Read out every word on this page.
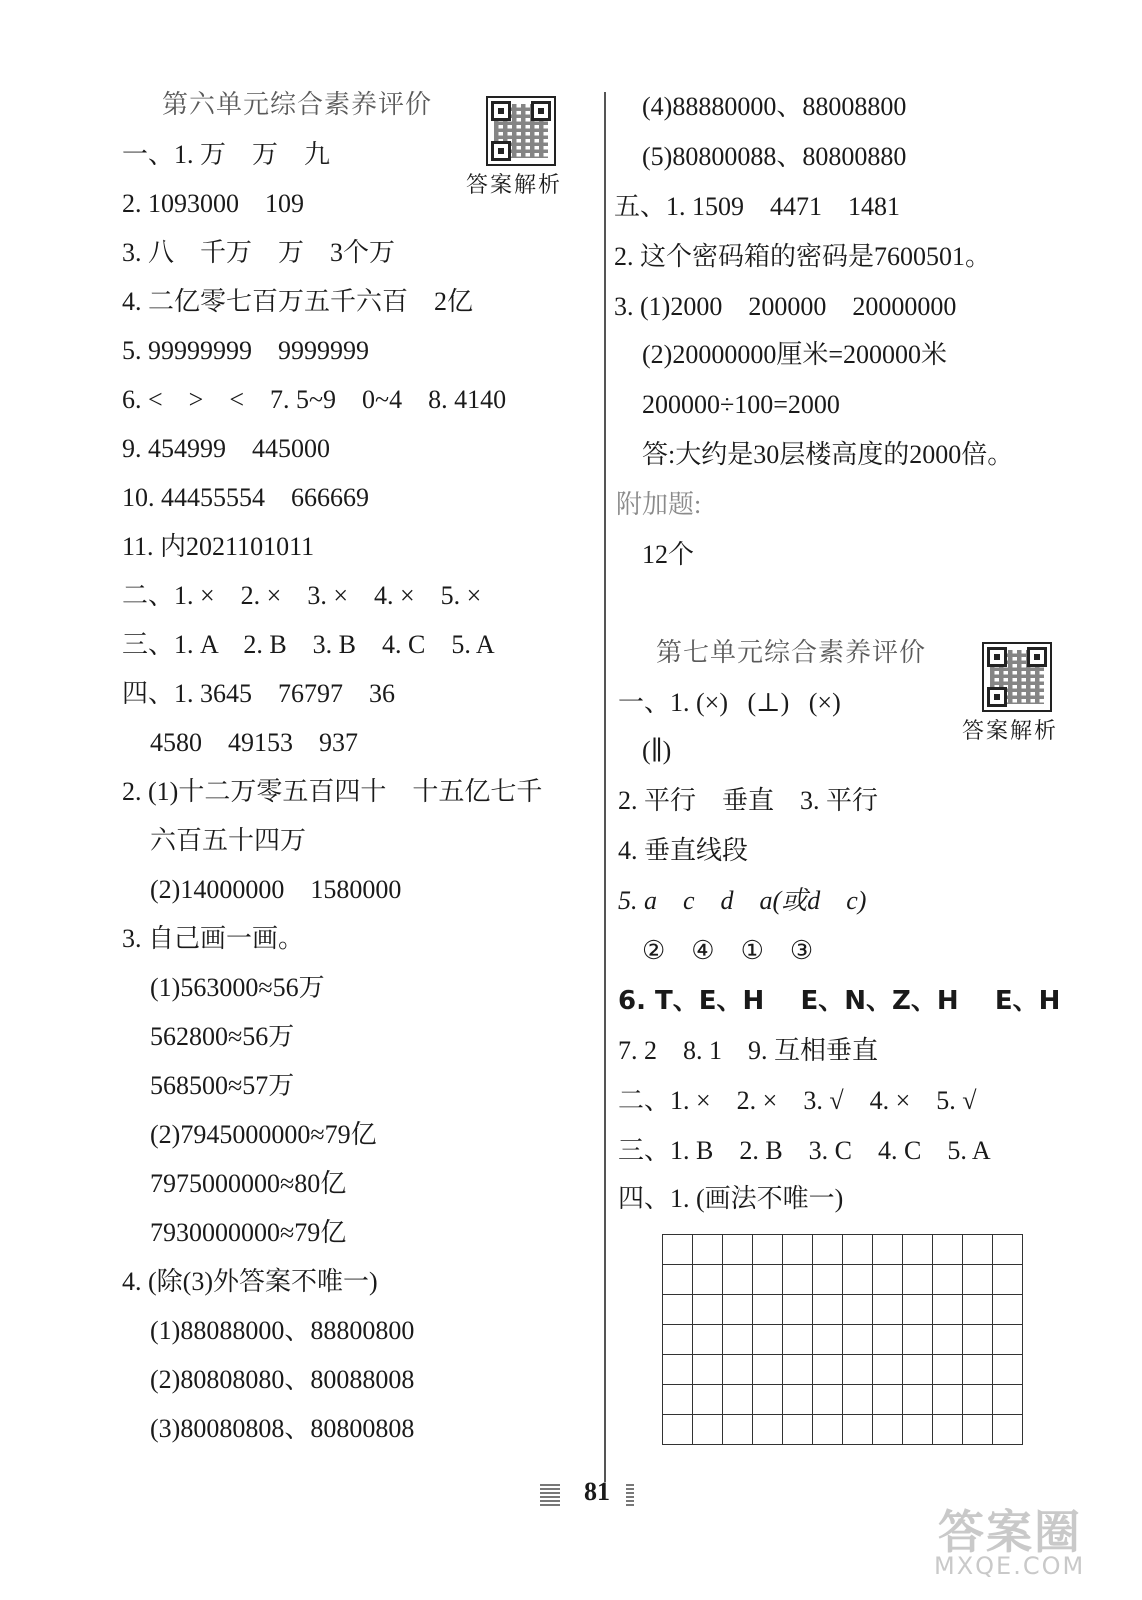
第六单元综合素养评价
答案解析
一、1. 万    万    九
2. 1093000    109
3. 八    千万    万    3个万
4. 二亿零七百万五千六百    2亿
5. 99999999    9999999
6. <    >    <    7. 5~9    0~4    8. 4140
9. 454999    445000
10. 44455554    666669
11. 内2021101011
二、1. ×    2. ×    3. ×    4. ×    5. ×
三、1. A    2. B    3. B    4. C    5. A
四、1. 3645    76797    36
4580    49153    937
2. (1)十二万零五百四十    十五亿七千
六百五十四万
(2)14000000    1580000
3. 自己画一画。
(1)563000≈56万
562800≈56万
568500≈57万
(2)7945000000≈79亿
7975000000≈80亿
7930000000≈79亿
4. (除(3)外答案不唯一)
(1)88088000、88800800
(2)80808080、80088008
(3)80080808、80800808
(4)88880000、88008800
(5)80800088、80800880
五、1. 1509    4471    1481
2. 这个密码箱的密码是7600501。
3. (1)2000    200000    20000000
(2)20000000厘米=200000米
200000÷100=2000
答:大约是30层楼高度的2000倍。
附加题:
12个
第七单元综合素养评价
答案解析
一、1. (×)   (⊥)   (×)
(∥)
2. 平行    垂直    3. 平行
4. 垂直线段
5. a    c    d    a(或d    c)
②    ④    ①    ③
6. T、E、H    E、N、Z、H    E、H
7. 2    8. 1    9. 互相垂直
二、1. ×    2. ×    3. √    4. ×    5. √
三、1. B    2. B    3. C    4. C    5. A
四、1. (画法不唯一)

81
答案圈
MXQE.COM
